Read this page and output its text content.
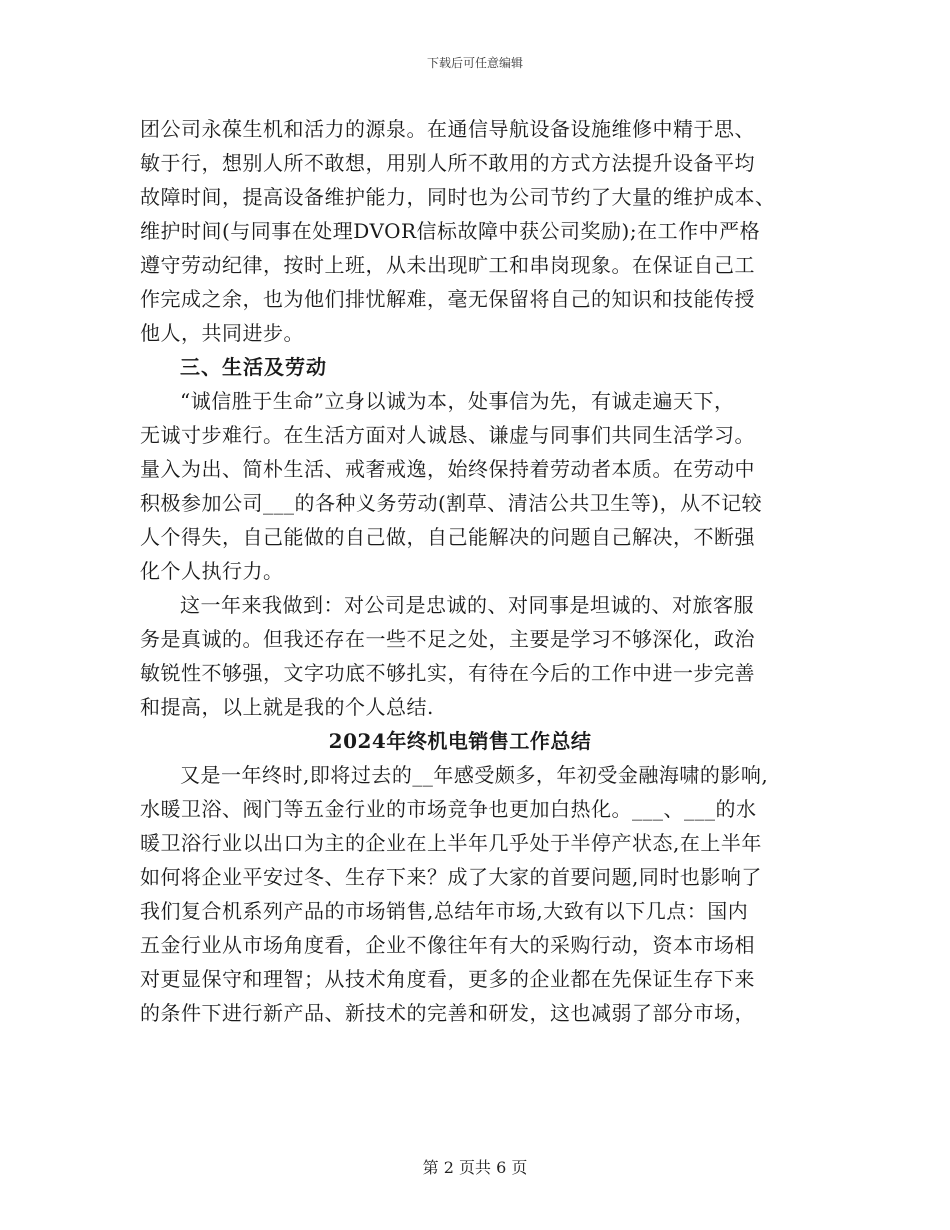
下载后可任意编辑
团公司永葆生机和活力的源泉。在通信导航设备设施维修中精于思、
敏于行，想别人所不敢想，用别人所不敢用的方式方法提升设备平均
故障时间，提高设备维护能力，同时也为公司节约了大量的维护成本、
维护时间(与同事在处理DVOR信标故障中获公司奖励);在工作中严格
遵守劳动纪律，按时上班，从未出现旷工和串岗现象。在保证自己工
作完成之余，也为他们排忧解难，毫无保留将自己的知识和技能传授
他人，共同进步。
三、生活及劳动
“诚信胜于生命”立身以诚为本，处事信为先，有诚走遍天下，
无诚寸步难行。在生活方面对人诚恳、谦虚与同事们共同生活学习。
量入为出、简朴生活、戒奢戒逸，始终保持着劳动者本质。在劳动中
积极参加公司___的各种义务劳动(割草、清洁公共卫生等)，从不记较
人个得失，自己能做的自己做，自己能解决的问题自己解决，不断强
化个人执行力。
这一年来我做到：对公司是忠诚的、对同事是坦诚的、对旅客服
务是真诚的。但我还存在一些不足之处，主要是学习不够深化，政治
敏锐性不够强，文字功底不够扎实，有待在今后的工作中进一步完善
和提高，以上就是我的个人总结.
2024年终机电销售工作总结
又是一年终时,即将过去的__年感受颇多，年初受金融海啸的影响,
水暖卫浴、阀门等五金行业的市场竞争也更加白热化。___、___的水
暖卫浴行业以出口为主的企业在上半年几乎处于半停产状态,在上半年
如何将企业平安过冬、生存下来？成了大家的首要问题,同时也影响了
我们复合机系列产品的市场销售,总结年市场,大致有以下几点：国内
五金行业从市场角度看，企业不像往年有大的采购行动，资本市场相
对更显保守和理智；从技术角度看，更多的企业都在先保证生存下来
的条件下进行新产品、新技术的完善和研发，这也减弱了部分市场，
第 2 页共 6 页
